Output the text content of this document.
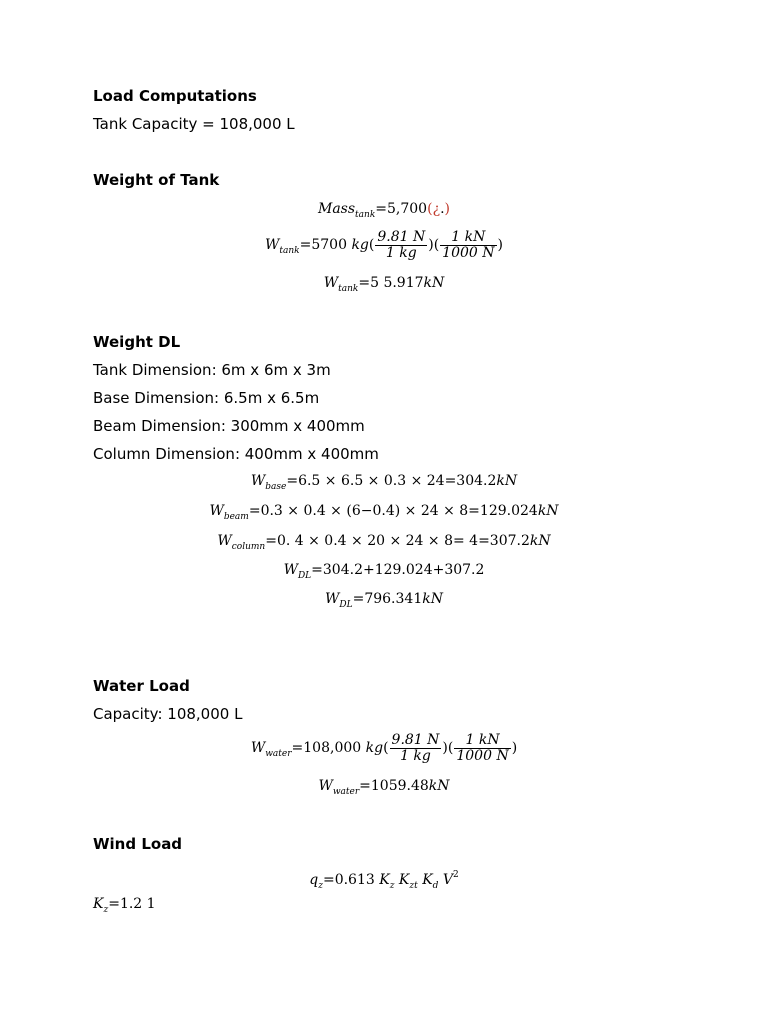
Load Computations
Tank Capacity = 108,000 L
Weight of Tank
Mass$_{tank}$=5,700(¿.)
$W_{tank}=5700$ $kg( \frac{9.81 N}{1 kg}$ )( $\frac{1 kN}{1000 N}$ )
$W_{tank}=5$ 5.917kN
Weight DL
Tank Dimension: 6m x 6m x 3m
Base Dimension: 6.5m x 6.5m
Beam Dimension: 300mm x 400mm
Column Dimension: 400mm x 400mm
$W_{base}=6.5 \times 6.5 \times 0.3 \times 24=304.2kN$
$W_{beam}=0.3 \times 0.4 \times (6-0.4) \times 24 \times 8=129.024kN$
$W_{column}=0$. 4 × 0.4 × 20 × 24 × 8= 4=307.2kN
$W_{DL}=304.2+129.024+307.2$
$W_{DL}=796.341kN$
Water Load
Capacity: 108,000 L
$W_{water}=108,000$ $kg( \frac{9.81 N}{1 kg}$ )( $\frac{1 kN}{1000 N}$ )
$W_{water}=1059.48kN$
Wind Load
$q_z=0.613$ $K_z$ $K_{zt}$ $K_d$ $V^2$
$K_z=1.2$ 1
